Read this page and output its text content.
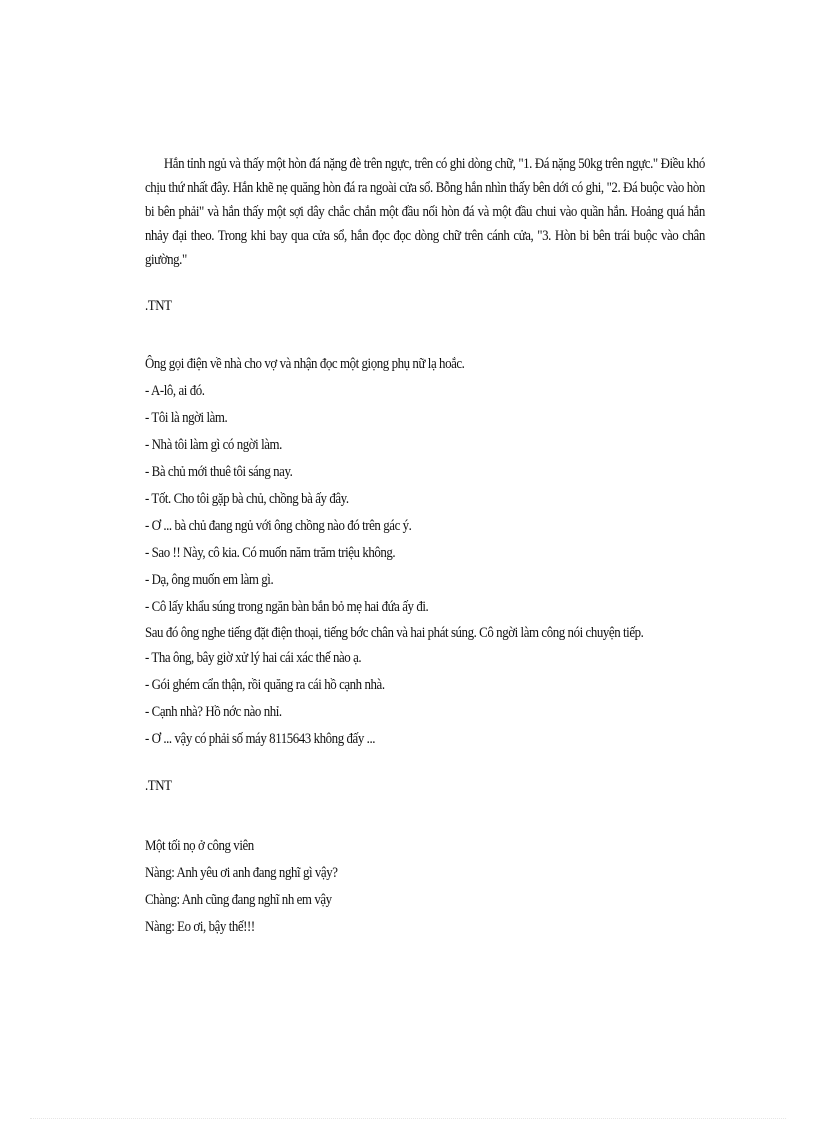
Hắn tỉnh ngủ và thấy một hòn đá nặng đè trên ngực, trên có ghi dòng chữ, "1. Đá nặng 50kg trên ngực." Điều khó chịu thứ nhất đây. Hắn khẽ nẹ quăng hòn đá ra ngoài cửa sổ. Bỗng hắn nhìn thấy bên dới có ghi, "2. Đá buộc vào hòn bi bên phải" và hắn thấy một sợi dây chắc chắn một đầu nối hòn đá và một đầu chui vào quần hắn. Hoảng quá hắn nhảy đại theo. Trong khi bay qua cửa sổ, hắn đọc đọc dòng chữ trên cánh cửa, "3. Hòn bi bên trái buộc vào chân giường."

.TNT

Ông gọi điện về nhà cho vợ và nhận đọc một giọng phụ nữ lạ hoắc.

- A-lô, ai đó.

- Tôi là ngời làm.

- Nhà tôi làm gì có ngời làm.

- Bà chủ mới thuê tôi sáng nay.

- Tốt. Cho tôi gặp bà chủ, chồng bà ấy đây.

- Ơ ... bà chủ đang ngủ với ông chồng nào đó trên gác ý.

- Sao !! Này, cô kia. Có muốn năm trăm triệu không.

- Dạ, ông muốn em làm gì.

- Cô lấy khẩu súng trong ngăn bàn bắn bỏ mẹ hai đứa ấy đi.

Sau đó ông nghe tiếng đặt điện thoại, tiếng bớc chân và hai phát súng. Cô ngời làm công nói chuyện tiếp.

- Tha ông, bây giờ xử lý hai cái xác thế nào ạ.

- Gói ghém cẩn thận, rồi quăng ra cái hồ cạnh nhà.

- Cạnh nhà? Hồ nớc nào nhỉ.

- Ơ ... vậy có phải số máy 8115643 không đấy ...

.TNT

Một tối nọ ở công viên

Nàng: Anh yêu ơi anh đang nghĩ gì vậy?

Chàng: Anh cũng đang nghĩ nh em vậy

Nàng: Eo ơi, bậy thế!!!
